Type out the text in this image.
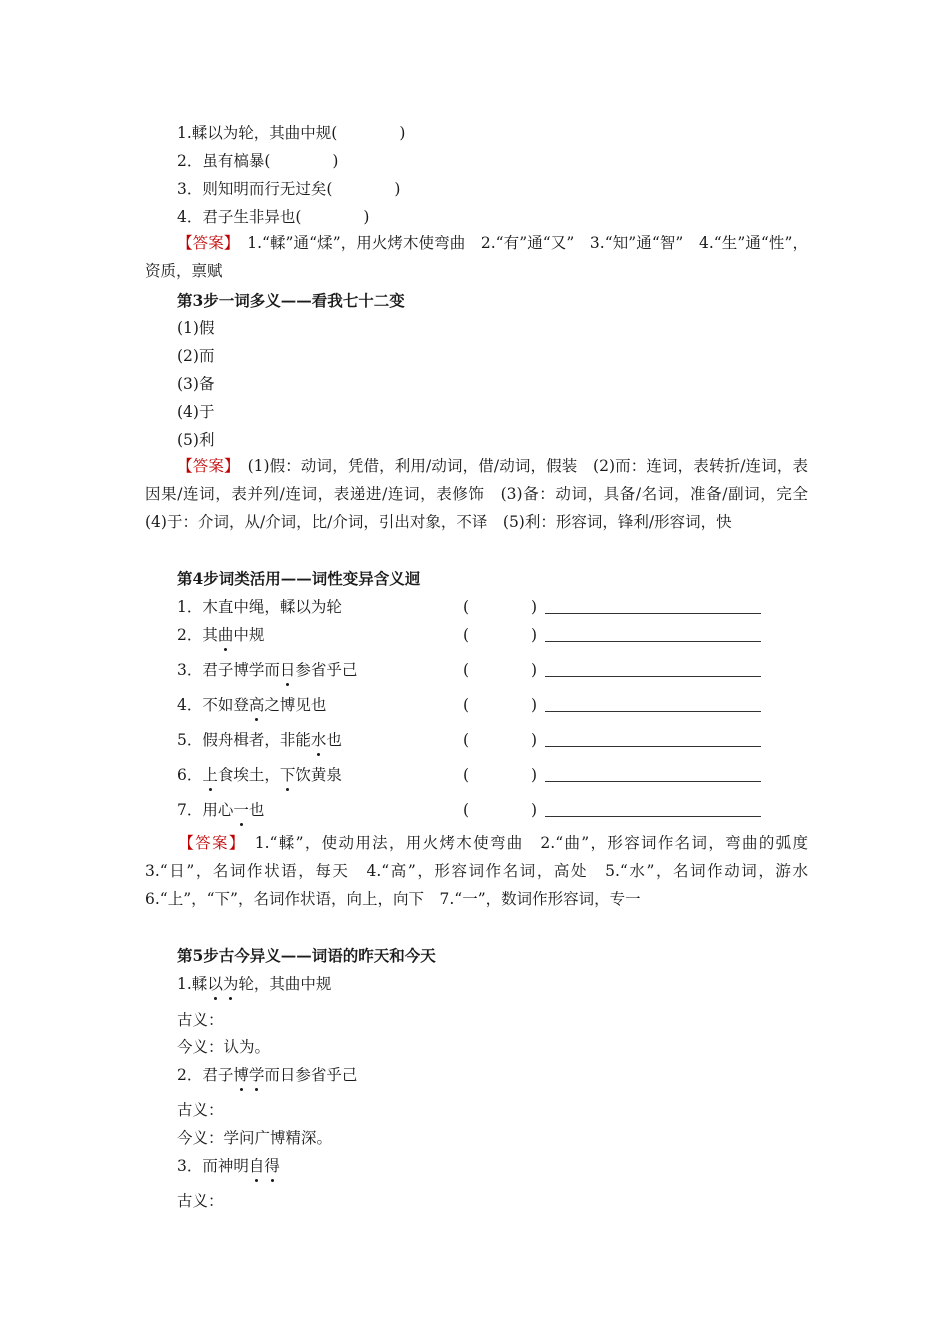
1.輮以为轮，其曲中规(　　　　)
2．虽有槁暴(　　　　)
3．则知明而行无过矣(　　　　)
4．君子生非异也(　　　　)
【答案】　 1.“輮”通“煣”，用火烤木使弯曲　2.“有”通“又”　3.“知”通“智”　4.“生”通“性”，资质，禀赋
第3步一词多义——看我七十二变
(1)假
(2)而
(3)备
(4)于
(5)利
【答案】　 (1)假：动词，凭借，利用/动词，借/动词，假装　(2)而：连词，表转折/连词，表因果/连词，表并列/连词，表递进/连词，表修饰　(3)备：动词，具备/名词，准备/副词，完全　(4)于：介词，从/介词，比/介词，引出对象，不译　(5)利：形容词，锋利/形容词，快
第4步词类活用——词性变异含义迥
1．木直中绳，輮以为轮	(　　　　)
2．其曲中规	(　　　　)
3．君子博学而日参省乎己	(　　　　)
4．不如登高之博见也	(　　　　)
5．假舟楫者，非能水也	(　　　　)
6．上食埃土，下饮黄泉	(　　　　)
7．用心一也	(　　　　)
【答案】　 1.“輮”，使动用法，用火烤木使弯曲　2.“曲”，形容词作名词，弯曲的弧度　3.“日”，名词作状语，每天　4.“高”，形容词作名词，高处　5.“水”，名词作动词，游水　6.“上”，“下”，名词作状语，向上，向下　7.“一”，数词作形容词，专一
第5步古今异义——词语的昨天和今天
1.輮以为轮，其曲中规
古义：
今义：认为。
2．君子博学而日参省乎己
古义：
今义：学问广博精深。
3．而神明自得
古义：
